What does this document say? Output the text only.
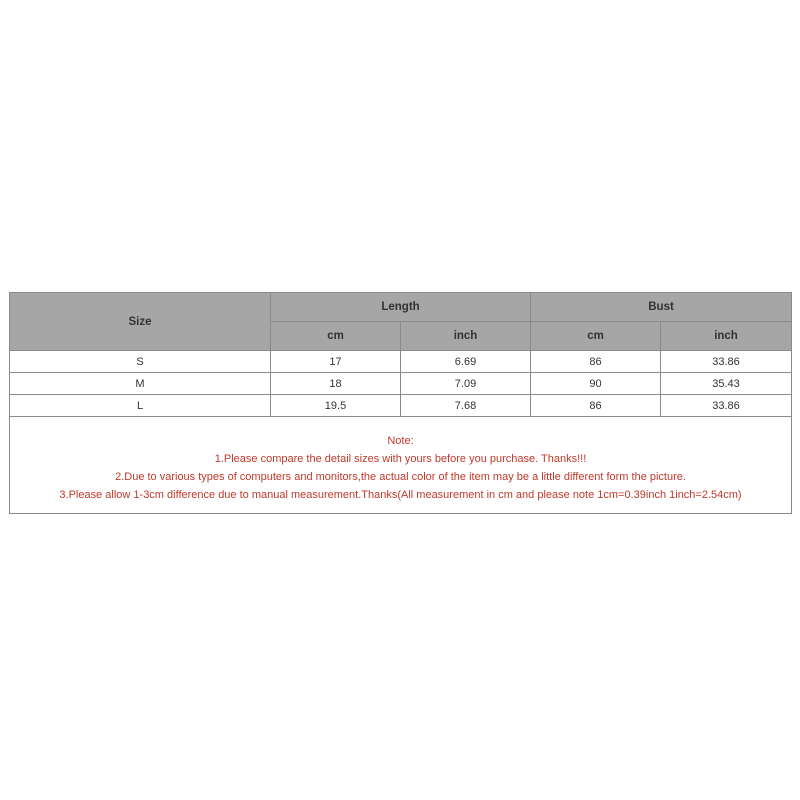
Size	Length		Bust	
	cm	inch	cm	inch
S	17	6.69	86	33.86
M	18	7.09	90	35.43
L	19.5	7.68	86	33.86

Note:
1.Please compare the detail sizes with yours before you purchase. Thanks!!!
2.Due to various types of computers and monitors,the actual color of the item may be a little different form the picture.
3.Please allow 1-3cm difference due to manual measurement.Thanks(All measurement in cm and please note 1cm=0.39inch 1inch=2.54cm)				
